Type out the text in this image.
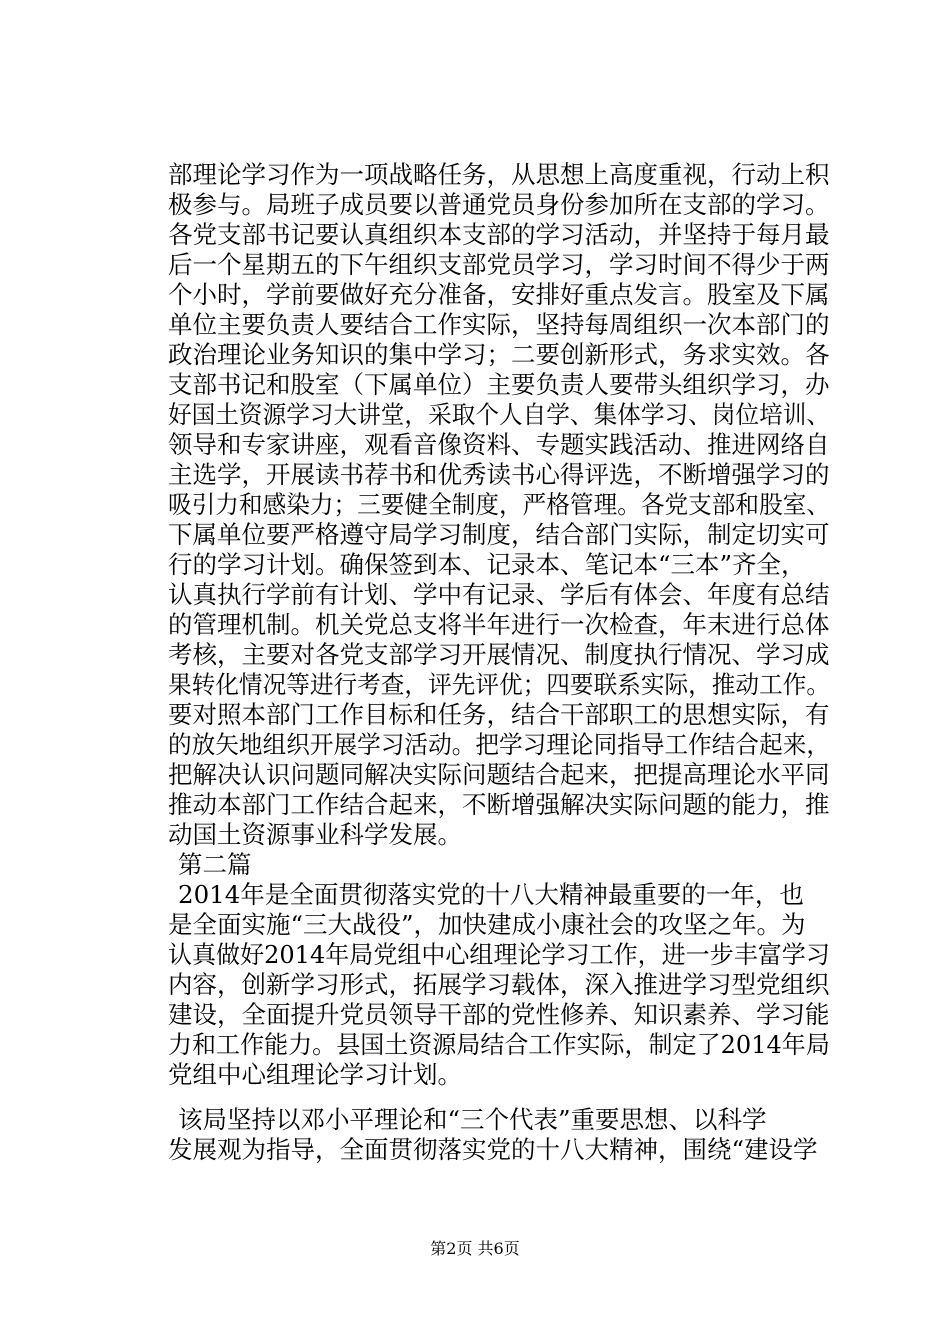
部理论学习作为一项战略任务，从思想上高度重视，行动上积
极参与。局班子成员要以普通党员身份参加所在支部的学习。
各党支部书记要认真组织本支部的学习活动，并坚持于每月最
后一个星期五的下午组织支部党员学习，学习时间不得少于两
个小时，学前要做好充分准备，安排好重点发言。股室及下属
单位主要负责人要结合工作实际，坚持每周组织一次本部门的
政治理论业务知识的集中学习；二要创新形式，务求实效。各
支部书记和股室（下属单位）主要负责人要带头组织学习，办
好国土资源学习大讲堂，采取个人自学、集体学习、岗位培训、
领导和专家讲座，观看音像资料、专题实践活动、推进网络自
主选学，开展读书荐书和优秀读书心得评选，不断增强学习的
吸引力和感染力；三要健全制度，严格管理。各党支部和股室、
下属单位要严格遵守局学习制度，结合部门实际，制定切实可
行的学习计划。确保签到本、记录本、笔记本“三本”齐全，
认真执行学前有计划、学中有记录、学后有体会、年度有总结
的管理机制。机关党总支将半年进行一次检查，年末进行总体
考核，主要对各党支部学习开展情况、制度执行情况、学习成
果转化情况等进行考查，评先评优；四要联系实际，推动工作。
要对照本部门工作目标和任务，结合干部职工的思想实际，有
的放矢地组织开展学习活动。把学习理论同指导工作结合起来，
把解决认识问题同解决实际问题结合起来，把提高理论水平同
推动本部门工作结合起来，不断增强解决实际问题的能力，推
动国土资源事业科学发展。
第二篇
2014年是全面贯彻落实党的十八大精神最重要的一年，也
是全面实施“三大战役”，加快建成小康社会的攻坚之年。为
认真做好2014年局党组中心组理论学习工作，进一步丰富学习
内容，创新学习形式，拓展学习载体，深入推进学习型党组织
建设，全面提升党员领导干部的党性修养、知识素养、学习能
力和工作能力。县国土资源局结合工作实际，制定了2014年局
党组中心组理论学习计划。
该局坚持以邓小平理论和“三个代表”重要思想、以科学
发展观为指导，全面贯彻落实党的十八大精神，围绕“建设学
第2页 共6页
